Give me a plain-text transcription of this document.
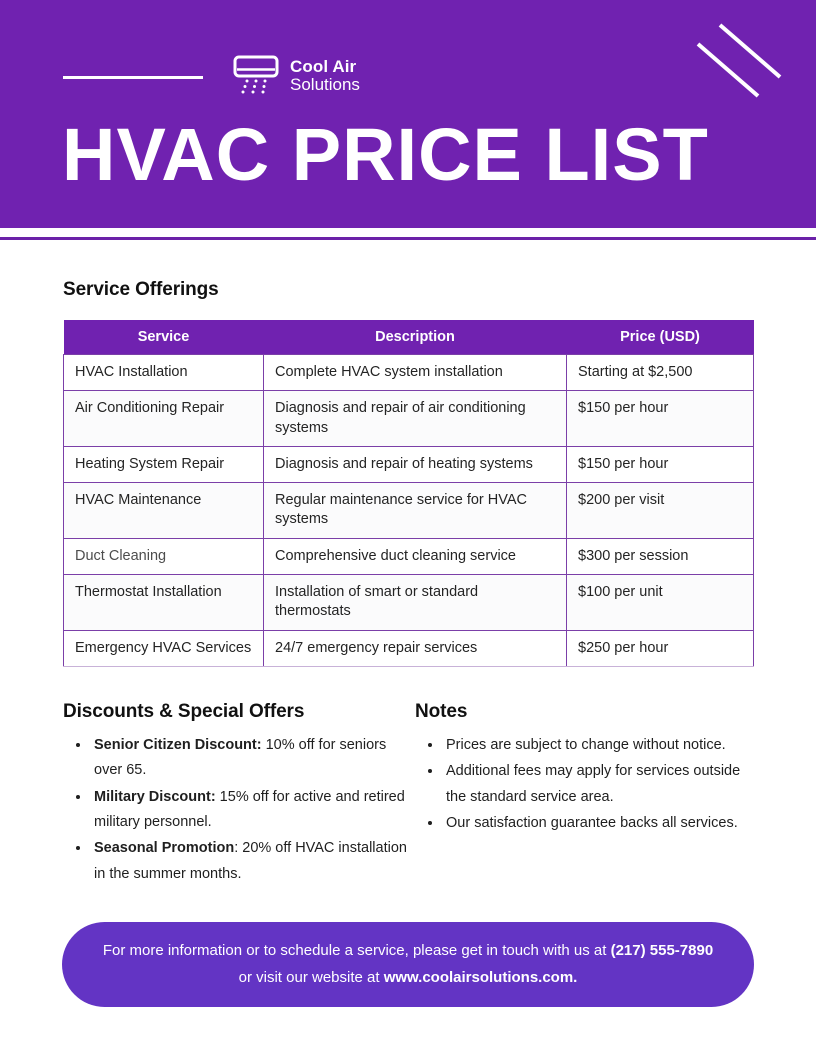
Cool Air
Solutions
HVAC PRICE LIST
Service Offerings
Service	Description	Price (USD)
HVAC Installation	Complete HVAC system installation	Starting at $2,500
Air Conditioning Repair	Diagnosis and repair of air conditioning systems	$150 per hour
Heating System Repair	Diagnosis and repair of heating systems	$150 per hour
HVAC Maintenance	Regular maintenance service for HVAC systems	$200 per visit
Duct Cleaning	Comprehensive duct cleaning service	$300 per session
Thermostat Installation	Installation of smart or standard thermostats	$100 per unit
Emergency HVAC Services	24/7 emergency repair services	$250 per hour
Discounts & Special Offers
• Senior Citizen Discount: 10% off for seniors over 65.
• Military Discount: 15% off for active and retired military personnel.
• Seasonal Promotion: 20% off HVAC installation in the summer months.
Notes
• Prices are subject to change without notice.
• Additional fees may apply for services outside the standard service area.
• Our satisfaction guarantee backs all services.
For more information or to schedule a service, please get in touch with us at (217) 555-7890 or visit our website at www.coolairsolutions.com.
